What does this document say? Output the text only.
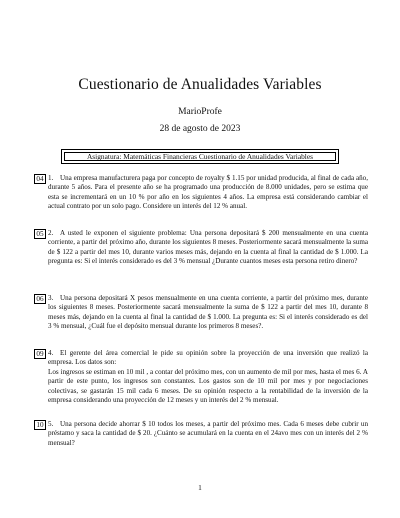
Cuestionario de Anualidades Variables
MarioProfe
28 de agosto de 2023
Asignatura: Matemáticas Financieras Cuestionario de Anualidades Variables
04 1. Una empresa manufacturera paga por concepto de royalty $ 1.15 por unidad producida, al final de cada año, durante 5 años. Para el presente año se ha programado una producción de 8.000 unidades, pero se estima que esta se incrementará en un 10 % por año en los siguientes 4 años. La empresa está considerando cambiar el actual contrato por un solo pago. Considere un interés del 12 % anual.
05 2. A usted le exponen el siguiente problema: Una persona depositará $ 200 mensualmente en una cuenta corriente, a partir del próximo año, durante los siguientes 8 meses. Posteriormente sacará mensualmente la suma de $ 122 a partir del mes 10, durante varios meses más, dejando en la cuenta al final la cantidad de $ 1.000. La pregunta es: Si el interés considerado es del 3 % mensual ¿Durante cuantos meses esta persona retiro dinero?
06 3. Una persona depositará X pesos mensualmente en una cuenta corriente, a partir del próximo mes, durante los siguientes 8 meses. Posteriormente sacará mensualmente la suma de $ 122 a partir del mes 10, durante 8 meses más, dejando en la cuenta al final la cantidad de $ 1.000. La pregunta es: Si el interés considerado es del 3 % mensual, ¿Cuál fue el depósito mensual durante los primeros 8 meses?.
09 4. El gerente del área comercial le pide su opinión sobre la proyección de una inversión que realizó la empresa. Los datos son:
Los ingresos se estiman en 10 mil , a contar del próximo mes, con un aumento de mil por mes, hasta el mes 6. A partir de este punto, los ingresos son constantes. Los gastos son de 10 mil por mes y por negociaciones colectivas, se gastarán 15 mil cada 6 meses. De su opinión respecto a la rentabilidad de la inversión de la empresa considerando una proyección de 12 meses y un interés del 2 % mensual.
10 5. Una persona decide ahorrar $ 10 todos los meses, a partir del próximo mes. Cada 6 meses debe cubrir un préstamo y saca la cantidad de $ 20. ¿Cuánto se acumulará en la cuenta en el 24avo mes con un interés del 2 % mensual?
1
